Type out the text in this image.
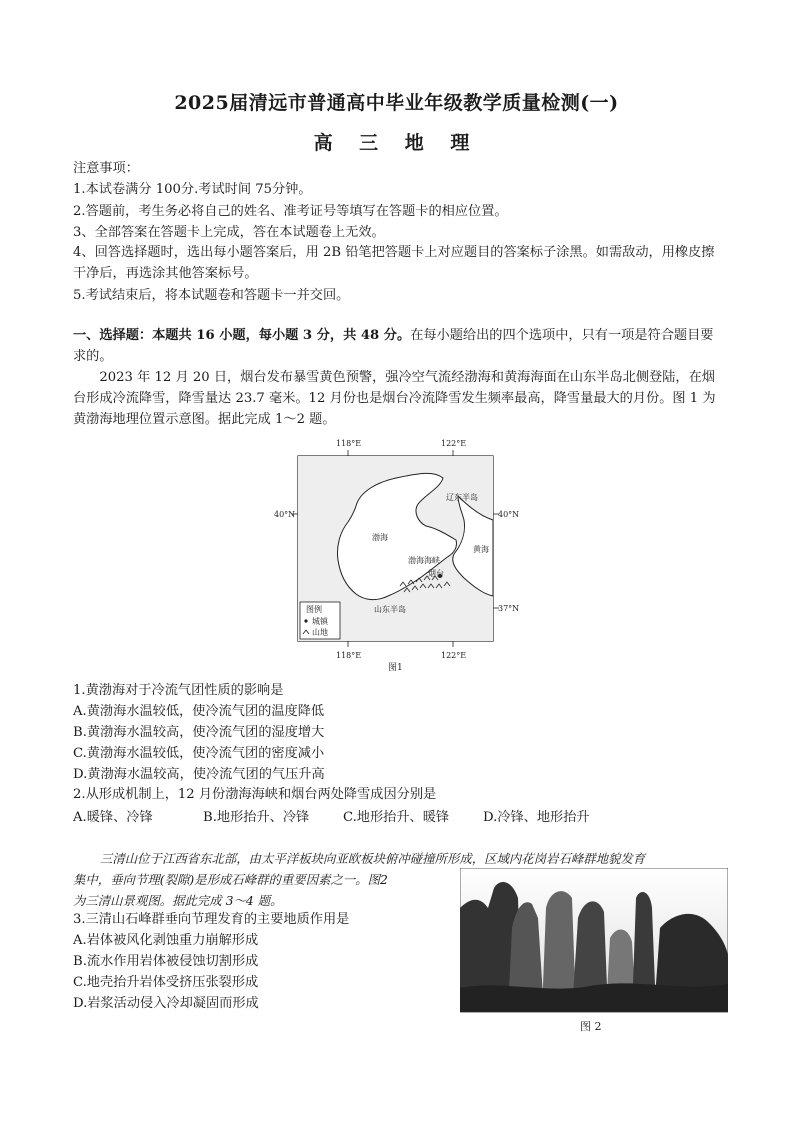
2025届清远市普通高中毕业年级教学质量检测(一)
高 三 地 理
注意事项：
1.本试卷满分 100分.考试时间 75分钟。
2.答题前，考生务必将自己的姓名、准考证号等填写在答题卡的相应位置。
3、全部答案在答题卡上完成，答在本试题卷上无效。
4、回答选择题时，选出每小题答案后，用 2B 铅笔把答题卡上对应题目的答案标子涂黑。如需敌动，用橡皮擦干净后，再选涂其他答案标号。
5.考试结束后，将本试题卷和答题卡一并交回。
一、选择题：本题共 16 小题，每小题 3 分，共 48 分。在每小题给出的四个选项中，只有一项是符合题目要求的。
2023 年 12 月 20 日，烟台发布暴雪黄色预警，强冷空气流经渤海和黄海海面在山东半岛北侧登陆，在烟台形成冷流降雪，降雪量达 23.7 毫米。12 月份也是烟台冷流降雪发生频率最高，降雪量最大的月份。图 1 为黄渤海地理位置示意图。据此完成 1～2 题。
118°E	122°E
118°E	122°E
40°N	40°N
37°N
辽东半岛
渤海
渤海海峡
黄海
烟台
山东半岛
图例
城镇
山地
图1
1.黄渤海对于冷流气团性质的影响是
A.黄渤海水温较低，使冷流气团的温度降低
B.黄渤海水温较高，使冷流气团的湿度增大
C.黄渤海水温较低，使冷流气团的密度减小
D.黄渤海水温较高，使冷流气团的气压升高
2.从形成机制上，12 月份渤海海峡和烟台两处降雪成因分别是
A.暖锋、冷锋	B.地形抬升、冷锋	C.地形抬升、暖锋	D.冷锋、地形抬升
三清山位于江西省东北部，由太平洋板块向亚欧板块俯冲碰撞所形成，区域内花岗岩石峰群地貌发育
集中，垂向节理(裂隙)是形成石峰群的重要因素之一。图2
为三清山景观图。据此完成 3～4 题。
3.三清山石峰群垂向节理发育的主要地质作用是
A.岩体被风化剥蚀重力崩解形成
B.流水作用岩体被侵蚀切割形成
C.地壳抬升岩体受挤压张裂形成
D.岩浆活动侵入冷却凝固而形成
图 2
